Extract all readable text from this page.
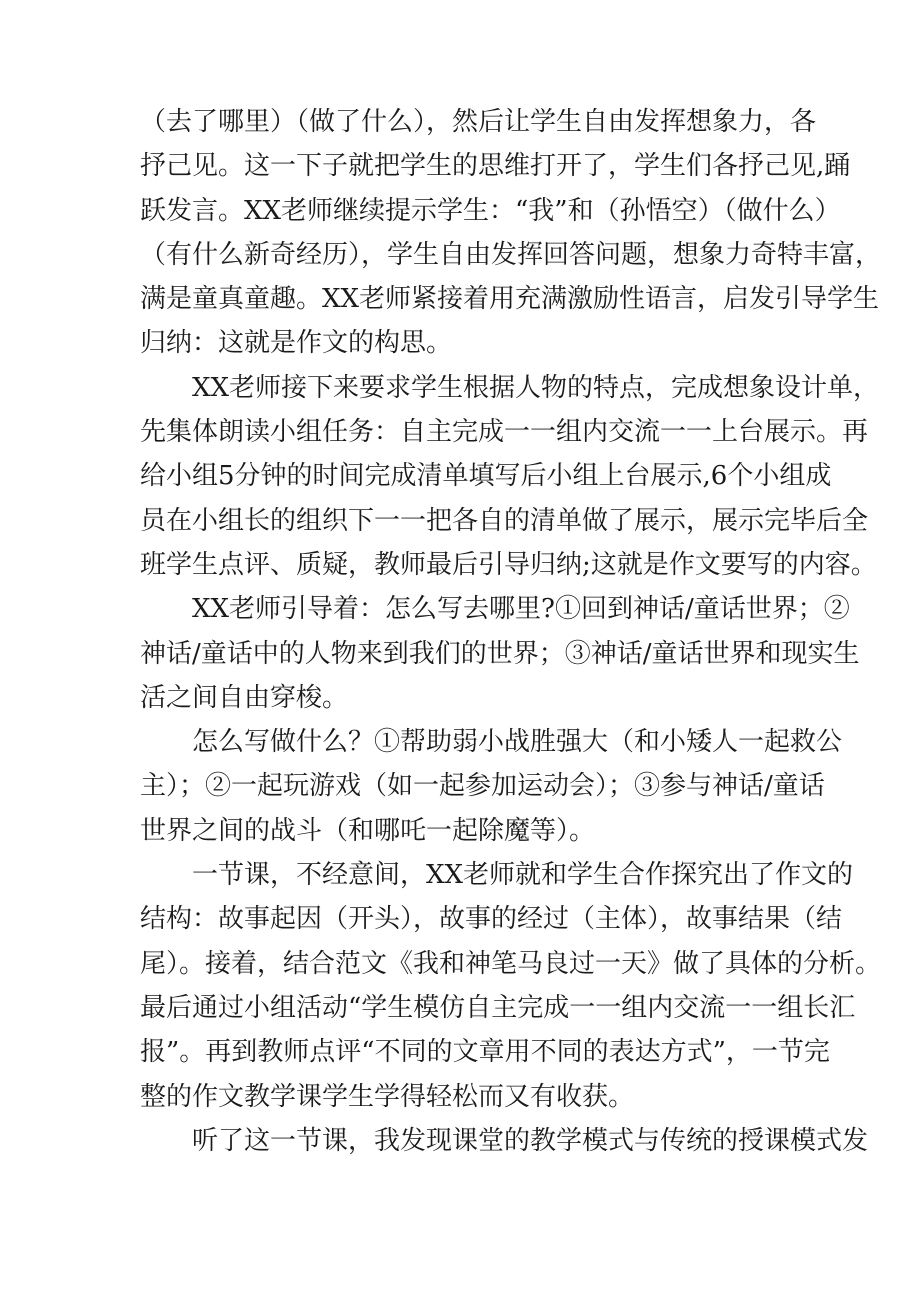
（去了哪里）（做了什么），然后让学生自由发挥想象力，各
抒己见。这一下子就把学生的思维打开了，学生们各抒己见,踊
跃发言。XX老师继续提示学生：“我”和（孙悟空）（做什么）
（有什么新奇经历），学生自由发挥回答问题，想象力奇特丰富，
满是童真童趣。XX老师紧接着用充满激励性语言，启发引导学生
归纳：这就是作文的构思。
XX老师接下来要求学生根据人物的特点，完成想象设计单，
先集体朗读小组任务：自主完成一一组内交流一一上台展示。再
给小组5分钟的时间完成清单填写后小组上台展示,6个小组成
员在小组长的组织下一一把各自的清单做了展示，展示完毕后全
班学生点评、质疑，教师最后引导归纳;这就是作文要写的内容。
XX老师引导着：怎么写去哪里?①回到神话/童话世界；②
神话/童话中的人物来到我们的世界；③神话/童话世界和现实生
活之间自由穿梭。
怎么写做什么？①帮助弱小战胜强大（和小矮人一起救公
主）；②一起玩游戏（如一起参加运动会）；③参与神话/童话
世界之间的战斗（和哪吒一起除魔等）。
一节课，不经意间，XX老师就和学生合作探究出了作文的
结构：故事起因（开头），故事的经过（主体），故事结果（结
尾）。接着，结合范文《我和神笔马良过一天》做了具体的分析。
最后通过小组活动“学生模仿自主完成一一组内交流一一组长汇
报”。再到教师点评“不同的文章用不同的表达方式”，一节完
整的作文教学课学生学得轻松而又有收获。
听了这一节课，我发现课堂的教学模式与传统的授课模式发
